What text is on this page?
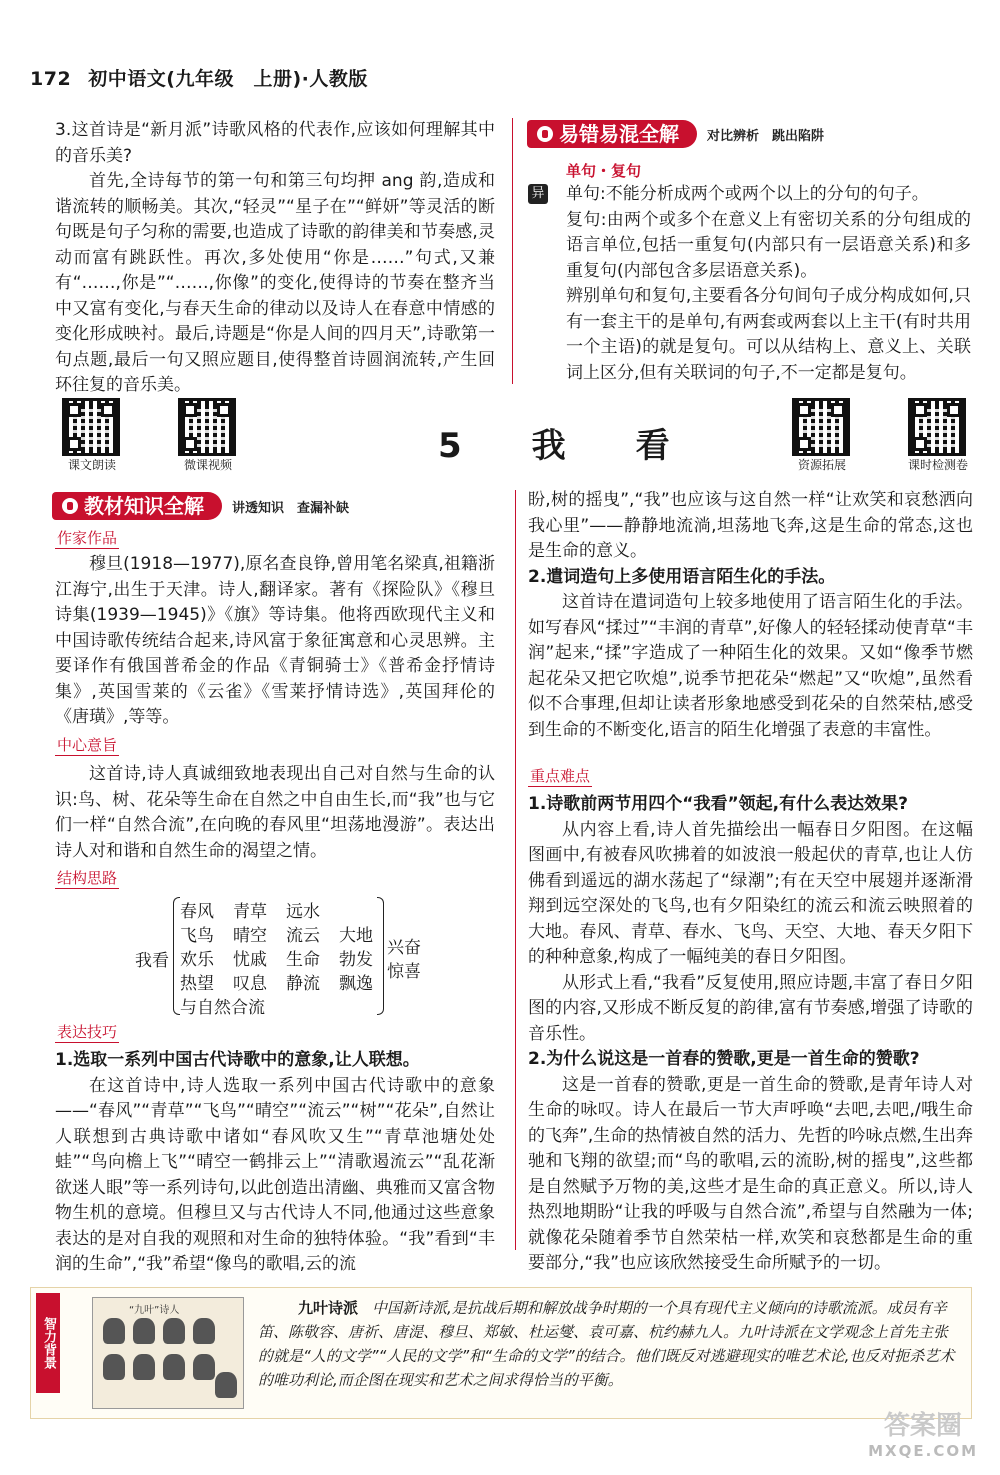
172 初中语文(九年级　上册)·人教版

3.这首诗是“新月派”诗歌风格的代表作,应该如何理解其中的音乐美?

首先,全诗每节的第一句和第三句均押 ang 韵,造成和谐流转的顺畅美。其次,“轻灵”“星子在”“鲜妍”等灵活的断句既是句子匀称的需要,也造成了诗歌的韵律美和节奏感,灵动而富有跳跃性。再次,多处使用“你是……”句式,又兼有“……,你是”“……,你像”的变化,使得诗的节奏在整齐当中又富有变化,与春天生命的律动以及诗人在春意中情感的变化形成映衬。最后,诗题是“你是人间的四月天”,诗歌第一句点题,最后一句又照应题目,使得整首诗圆润流转,产生回环往复的音乐美。

易错易混全解 对比辨析　跳出陷阱
单句・复句
异 单句:不能分析成两个或两个以上的分句的句子。

复句:由两个或多个在意义上有密切关系的分句组成的语言单位,包括一重复句(内部只有一层语意关系)和多重复句(内部包含多层语意关系)。

辨别单句和复句,主要看各分句间句子成分构成如何,只有一套主干的是单句,有两套或两套以上主干(有时共用一个主语)的就是复句。可以从结构上、意义上、关联词上区分,但有关联词的句子,不一定都是复句。

课文朗读	微课视频	资源拓展	课时检测卷
5　我　看
教材知识全解 讲透知识　查漏补缺
作家作品
穆旦(1918—1977),原名查良铮,曾用笔名梁真,祖籍浙江海宁,出生于天津。诗人,翻译家。著有《探险队》《穆旦诗集(1939—1945)》《旗》等诗集。他将西欧现代主义和中国诗歌传统结合起来,诗风富于象征寓意和心灵思辨。主要译作有俄国普希金的作品《青铜骑士》《普希金抒情诗集》,英国雪莱的《云雀》《雪莱抒情诗选》,英国拜伦的《唐璜》,等等。
中心意旨
这首诗,诗人真诚细致地表现出自己对自然与生命的认识:鸟、树、花朵等生命在自然之中自由生长,而“我”也与它们一样“自然合流”,在向晚的春风里“坦荡地漫游”。表达出诗人对和谐和自然生命的渴望之情。
结构思路
我看
春风 青草 远水
飞鸟 晴空 流云 大地
欢乐 忧戚 生命 勃发
热望 叹息 静流 飘逸
与自然合流
兴奋
惊喜
表达技巧

1.选取一系列中国古代诗歌中的意象,让人联想。

在这首诗中,诗人选取一系列中国古代诗歌中的意象——“春风”“青草”“飞鸟”“晴空”“流云”“树”“花朵”,自然让人联想到古典诗歌中诸如“春风吹又生”“青草池塘处处蛙”“鸟向檐上飞”“晴空一鹤排云上”“清歌遏流云”“乱花渐欲迷人眼”等一系列诗句,以此创造出清幽、典雅而又富含物物生机的意境。但穆旦又与古代诗人不同,他通过这些意象表达的是对自我的观照和对生命的独特体验。“我”看到“丰润的生命”,“我”希望“像鸟的歌唱,云的流

盼,树的摇曳”,“我”也应该与这自然一样“让欢笑和哀愁洒向我心里”——静静地流淌,坦荡地飞奔,这是生命的常态,这也是生命的意义。

2.遣词造句上多使用语言陌生化的手法。

这首诗在遣词造句上较多地使用了语言陌生化的手法。如写春风“揉过”“丰润的青草”,好像人的轻轻揉动使青草“丰润”起来,“揉”字造成了一种陌生化的效果。又如“像季节燃起花朵又把它吹熄”,说季节把花朵“燃起”又“吹熄”,虽然看似不合事理,但却让读者形象地感受到花朵的自然荣枯,感受到生命的不断变化,语言的陌生化增强了表意的丰富性。

重点难点

1.诗歌前两节用四个“我看”领起,有什么表达效果?

从内容上看,诗人首先描绘出一幅春日夕阳图。在这幅图画中,有被春风吹拂着的如波浪一般起伏的青草,也让人仿佛看到遥远的湖水荡起了“绿潮”;有在天空中展翅并逐渐滑翔到远空深处的飞鸟,也有夕阳染红的流云和流云映照着的大地。春风、青草、春水、飞鸟、天空、大地、春天夕阳下的种种意象,构成了一幅纯美的春日夕阳图。

从形式上看,“我看”反复使用,照应诗题,丰富了春日夕阳图的内容,又形成不断反复的韵律,富有节奏感,增强了诗歌的音乐性。

2.为什么说这是一首春的赞歌,更是一首生命的赞歌?

这是一首春的赞歌,更是一首生命的赞歌,是青年诗人对生命的咏叹。诗人在最后一节大声呼唤“去吧,去吧,/哦生命的飞奔”,生命的热情被自然的活力、先哲的吟咏点燃,生出奔驰和飞翔的欲望;而“鸟的歌唱,云的流盼,树的摇曳”,这些都是自然赋予万物的美,这些才是生命的真正意义。所以,诗人热烈地期盼“让我的呼吸与自然合流”,希望与自然融为一体;就像花朵随着季节自然荣枯一样,欢笑和哀愁都是生命的重要部分,“我”也应该欣然接受生命所赋予的一切。

智力背景
“九叶”诗人	九叶诗派 中国新诗派,是抗战后期和解放战争时期的一个具有现代主义倾向的诗歌流派。成员有辛笛、陈敬容、唐祈、唐湜、穆旦、郑敏、杜运燮、袁可嘉、杭约赫九人。九叶诗派在文学观念上首先主张的就是“人的文学”“人民的文学”和“生命的文学”的结合。他们既反对逃避现实的唯艺术论,也反对扼杀艺术的唯功利论,而企图在现实和艺术之间求得恰当的平衡。
答案圈
MXQE.COM
